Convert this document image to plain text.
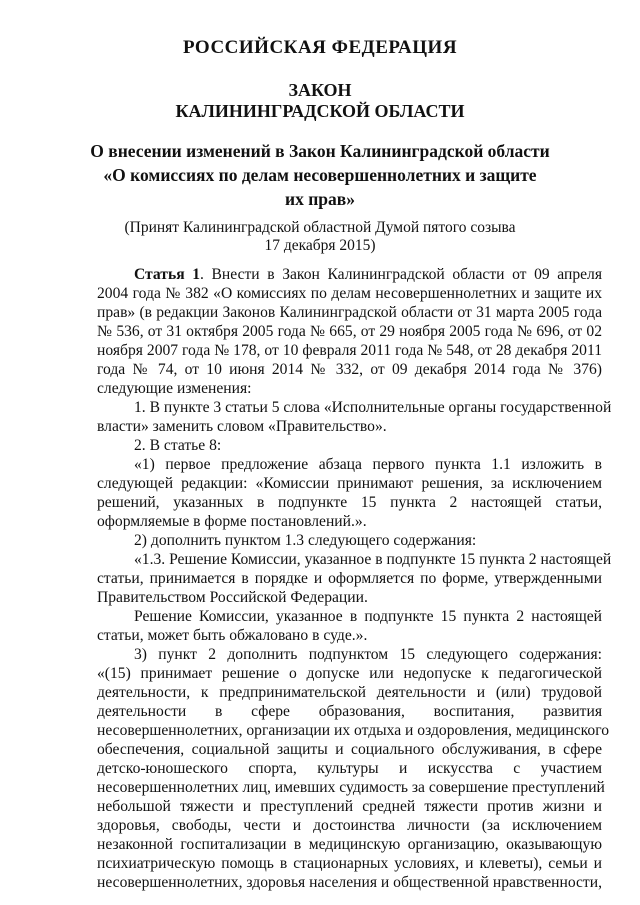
РОССИЙСКАЯ ФЕДЕРАЦИЯ
ЗАКОН
КАЛИНИНГРАДСКОЙ ОБЛАСТИ
О внесении изменений в Закон Калининградской области
«О комиссиях по делам несовершеннолетних и защите
их прав»
(Принят Калининградской областной Думой пятого созыва
17 декабря 2015)
Статья 1. Внести в Закон Калининградской области от 09 апреля
2004 года № 382 «О комиссиях по делам несовершеннолетних и защите их
прав» (в редакции Законов Калининградской области от 31 марта 2005 года
№ 536, от 31 октября 2005 года № 665, от 29 ноября 2005 года № 696, от 02
ноября 2007 года № 178, от 10 февраля 2011 года № 548, от 28 декабря 2011
года № 74, от 10 июня 2014 № 332, от 09 декабря 2014 года № 376)
следующие изменения:
1. В пункте 3 статьи 5 слова «Исполнительные органы государственной
власти» заменить словом «Правительство».
2. В статье 8:
«1) первое предложение абзаца первого пункта 1.1 изложить в
следующей редакции: «Комиссии принимают решения, за исключением
решений, указанных в подпункте 15 пункта 2 настоящей статьи,
оформляемые в форме постановлений.».
2) дополнить пунктом 1.3 следующего содержания:
«1.3. Решение Комиссии, указанное в подпункте 15 пункта 2 настоящей
статьи, принимается в порядке и оформляется по форме, утвержденными
Правительством Российской Федерации.
Решение Комиссии, указанное в подпункте 15 пункта 2 настоящей
статьи, может быть обжаловано в суде.».
3) пункт 2 дополнить подпунктом 15 следующего содержания:
«(15) принимает решение о допуске или недопуске к педагогической
деятельности, к предпринимательской деятельности и (или) трудовой
деятельности в сфере образования, воспитания, развития
несовершеннолетних, организации их отдыха и оздоровления, медицинского
обеспечения, социальной защиты и социального обслуживания, в сфере
детско-юношеского спорта, культуры и искусства с участием
несовершеннолетних лиц, имевших судимость за совершение преступлений
небольшой тяжести и преступлений средней тяжести против жизни и
здоровья, свободы, чести и достоинства личности (за исключением
незаконной госпитализации в медицинскую организацию, оказывающую
психиатрическую помощь в стационарных условиях, и клеветы), семьи и
несовершеннолетних, здоровья населения и общественной нравственности,
